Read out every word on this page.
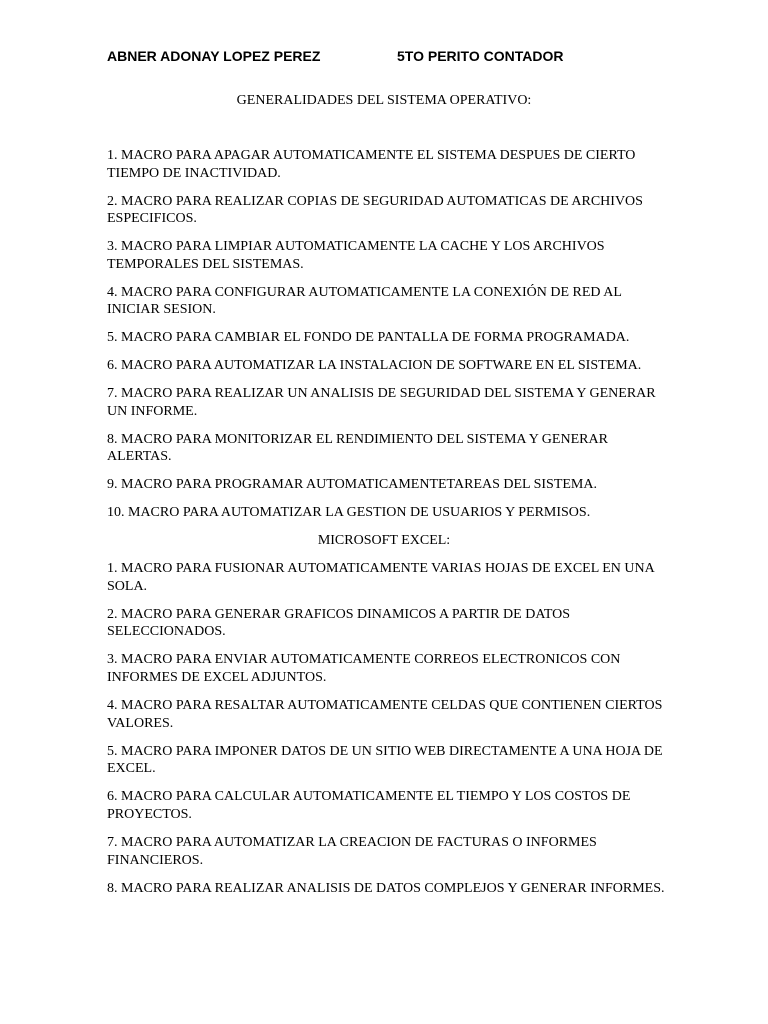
ABNER ADONAY LOPEZ PEREZ	5TO PERITO CONTADOR
GENERALIDADES DEL SISTEMA OPERATIVO:
1. MACRO PARA APAGAR AUTOMATICAMENTE EL SISTEMA DESPUES DE CIERTO TIEMPO DE INACTIVIDAD.
2. MACRO PARA REALIZAR COPIAS DE SEGURIDAD AUTOMATICAS DE ARCHIVOS ESPECIFICOS.
3. MACRO PARA LIMPIAR AUTOMATICAMENTE LA CACHE Y LOS ARCHIVOS TEMPORALES DEL SISTEMAS.
4. MACRO PARA CONFIGURAR AUTOMATICAMENTE LA CONEXIÓN DE RED AL INICIAR SESION.
5. MACRO PARA CAMBIAR EL FONDO DE PANTALLA DE FORMA PROGRAMADA.
6. MACRO PARA AUTOMATIZAR LA INSTALACION DE SOFTWARE EN EL SISTEMA.
7. MACRO PARA REALIZAR UN ANALISIS DE SEGURIDAD DEL SISTEMA Y GENERAR UN INFORME.
8. MACRO PARA MONITORIZAR EL RENDIMIENTO DEL SISTEMA Y GENERAR ALERTAS.
9. MACRO PARA PROGRAMAR AUTOMATICAMENTETAREAS DEL SISTEMA.
10. MACRO PARA AUTOMATIZAR LA GESTION DE USUARIOS Y PERMISOS.
MICROSOFT EXCEL:
1. MACRO PARA FUSIONAR AUTOMATICAMENTE VARIAS HOJAS DE EXCEL EN UNA SOLA.
2. MACRO PARA GENERAR GRAFICOS DINAMICOS A PARTIR DE DATOS SELECCIONADOS.
3. MACRO PARA ENVIAR AUTOMATICAMENTE CORREOS ELECTRONICOS CON INFORMES DE EXCEL ADJUNTOS.
4. MACRO PARA RESALTAR AUTOMATICAMENTE CELDAS QUE CONTIENEN CIERTOS VALORES.
5. MACRO PARA IMPONER DATOS DE UN SITIO WEB DIRECTAMENTE A UNA HOJA DE EXCEL.
6. MACRO PARA CALCULAR AUTOMATICAMENTE EL TIEMPO Y LOS COSTOS DE PROYECTOS.
7. MACRO PARA AUTOMATIZAR LA CREACION DE FACTURAS O INFORMES FINANCIEROS.
8. MACRO PARA REALIZAR ANALISIS DE DATOS COMPLEJOS Y GENERAR INFORMES.
